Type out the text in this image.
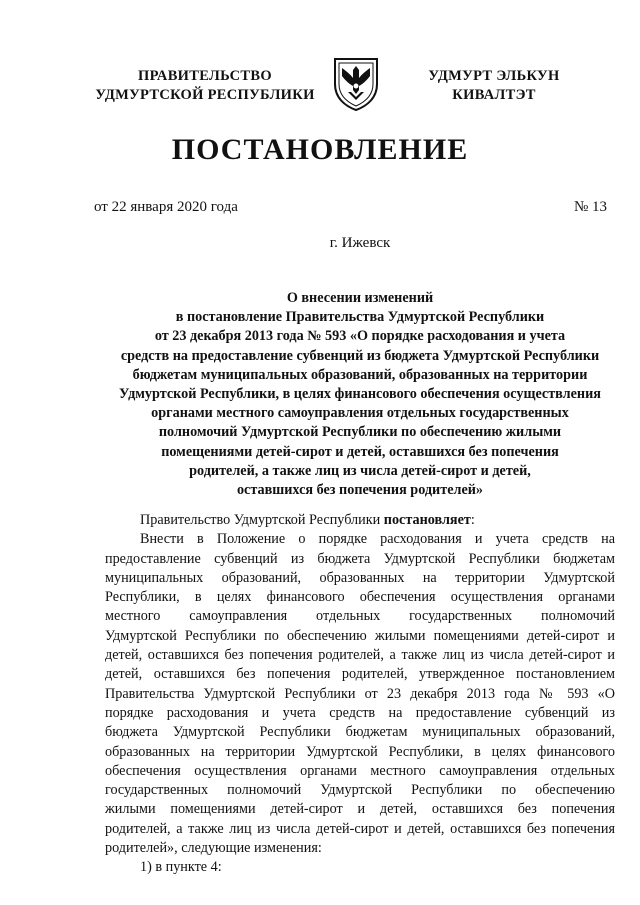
ПРАВИТЕЛЬСТВО
УДМУРТСКОЙ РЕСПУБЛИКИ
УДМУРТ ЭЛЬКУН
КИВАЛТЭТ
ПОСТАНОВЛЕНИЕ
от 22 января 2020 года	№ 13
г. Ижевск
О внесении изменений
в постановление Правительства Удмуртской Республики
от 23 декабря 2013 года № 593 «О порядке расходования и учета
средств на предоставление субвенций из бюджета Удмуртской Республики
бюджетам муниципальных образований, образованных на территории
Удмуртской Республики, в целях финансового обеспечения осуществления
органами местного самоуправления отдельных государственных
полномочий Удмуртской Республики по обеспечению жилыми
помещениями детей-сирот и детей, оставшихся без попечения
родителей, а также лиц из числа детей-сирот и детей,
оставшихся без попечения родителей»

Правительство Удмуртской Республики постановляет:

Внести в Положение о порядке расходования и учета средств на

предоставление субвенций из бюджета Удмуртской Республики бюджетам

муниципальных образований, образованных на территории Удмуртской

Республики, в целях финансового обеспечения осуществления органами

местного самоуправления отдельных государственных полномочий

Удмуртской Республики по обеспечению жилыми помещениями детей-сирот и

детей, оставшихся без попечения родителей, а также лиц из числа детей-сирот и

детей, оставшихся без попечения родителей, утвержденное постановлением

Правительства Удмуртской Республики от 23 декабря 2013 года № 593 «О

порядке расходования и учета средств на предоставление субвенций из

бюджета Удмуртской Республики бюджетам муниципальных образований,

образованных на территории Удмуртской Республики, в целях финансового

обеспечения осуществления органами местного самоуправления отдельных

государственных полномочий Удмуртской Республики по обеспечению

жилыми помещениями детей-сирот и детей, оставшихся без попечения

родителей, а также лиц из числа детей-сирот и детей, оставшихся без попечения

родителей», следующие изменения:

1) в пункте 4:
